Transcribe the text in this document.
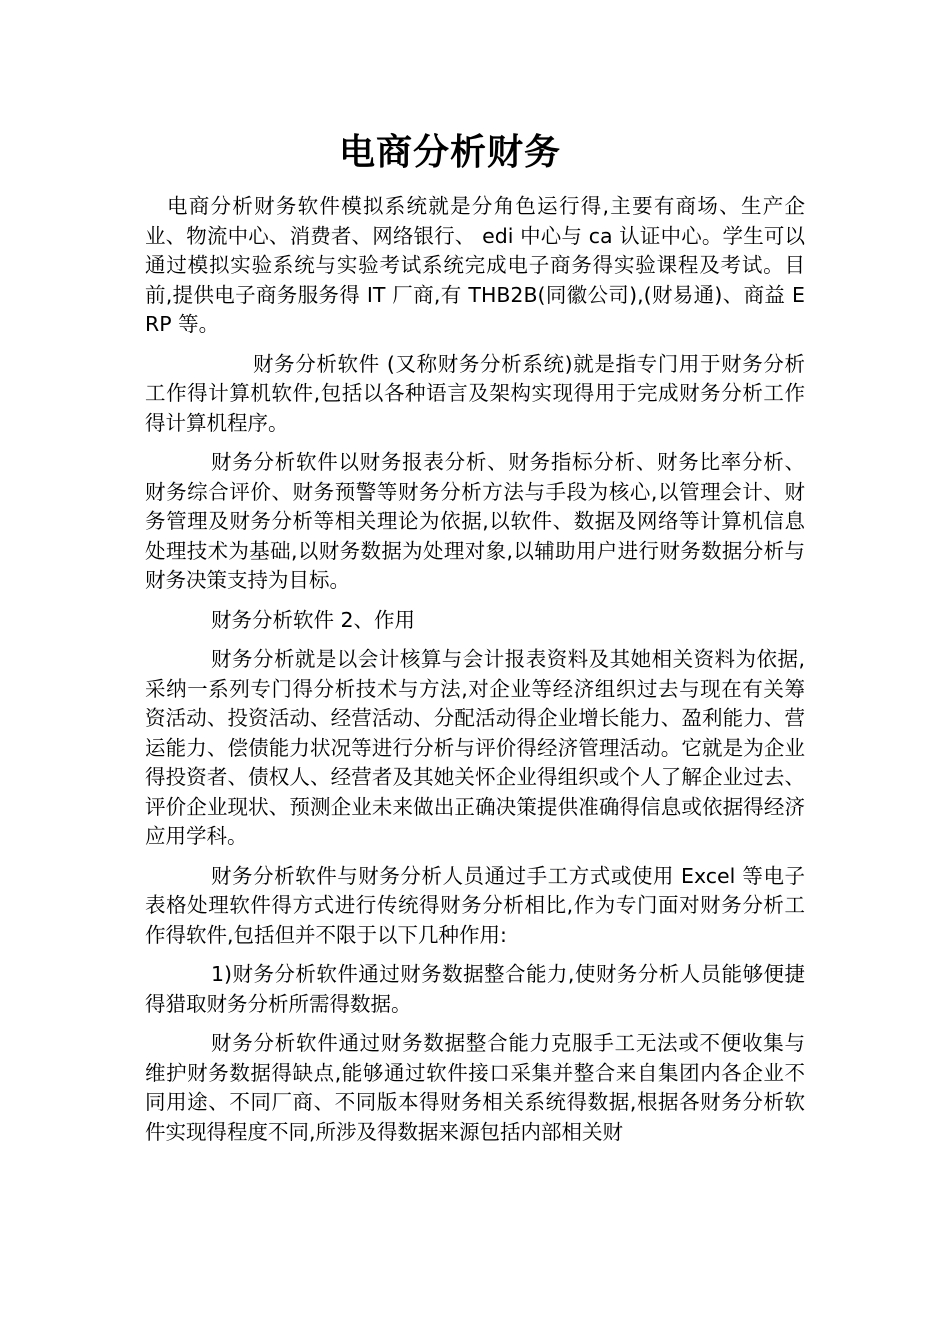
电商分析财务

电商分析财务软件模拟系统就是分角色运行得,主要有商场、生产企业、物流中心、消费者、网络银行、 edi 中心与 ca 认证中心。学生可以通过模拟实验系统与实验考试系统完成电子商务得实验课程及考试。目前,提供电子商务服务得 IT 厂商,有 THB2B(同徽公司),(财易通)、商益 ERP 等。

财务分析软件 (又称财务分析系统)就是指专门用于财务分析工作得计算机软件,包括以各种语言及架构实现得用于完成财务分析工作得计算机程序。

财务分析软件以财务报表分析、财务指标分析、财务比率分析、财务综合评价、财务预警等财务分析方法与手段为核心,以管理会计、财务管理及财务分析等相关理论为依据,以软件、数据及网络等计算机信息处理技术为基础,以财务数据为处理对象,以辅助用户进行财务数据分析与财务决策支持为目标。

财务分析软件 2、作用

财务分析就是以会计核算与会计报表资料及其她相关资料为依据,采纳一系列专门得分析技术与方法,对企业等经济组织过去与现在有关筹资活动、投资活动、经营活动、分配活动得企业增长能力、盈利能力、营运能力、偿债能力状况等进行分析与评价得经济管理活动。它就是为企业得投资者、债权人、经营者及其她关怀企业得组织或个人了解企业过去、评价企业现状、预测企业未来做出正确决策提供准确得信息或依据得经济应用学科。

财务分析软件与财务分析人员通过手工方式或使用 Excel 等电子表格处理软件得方式进行传统得财务分析相比,作为专门面对财务分析工作得软件,包括但并不限于以下几种作用:

1)财务分析软件通过财务数据整合能力,使财务分析人员能够便捷得猎取财务分析所需得数据。

财务分析软件通过财务数据整合能力克服手工无法或不便收集与维护财务数据得缺点,能够通过软件接口采集并整合来自集团内各企业不同用途、不同厂商、不同版本得财务相关系统得数据,根据各财务分析软件实现得程度不同,所涉及得数据来源包括内部相关财
